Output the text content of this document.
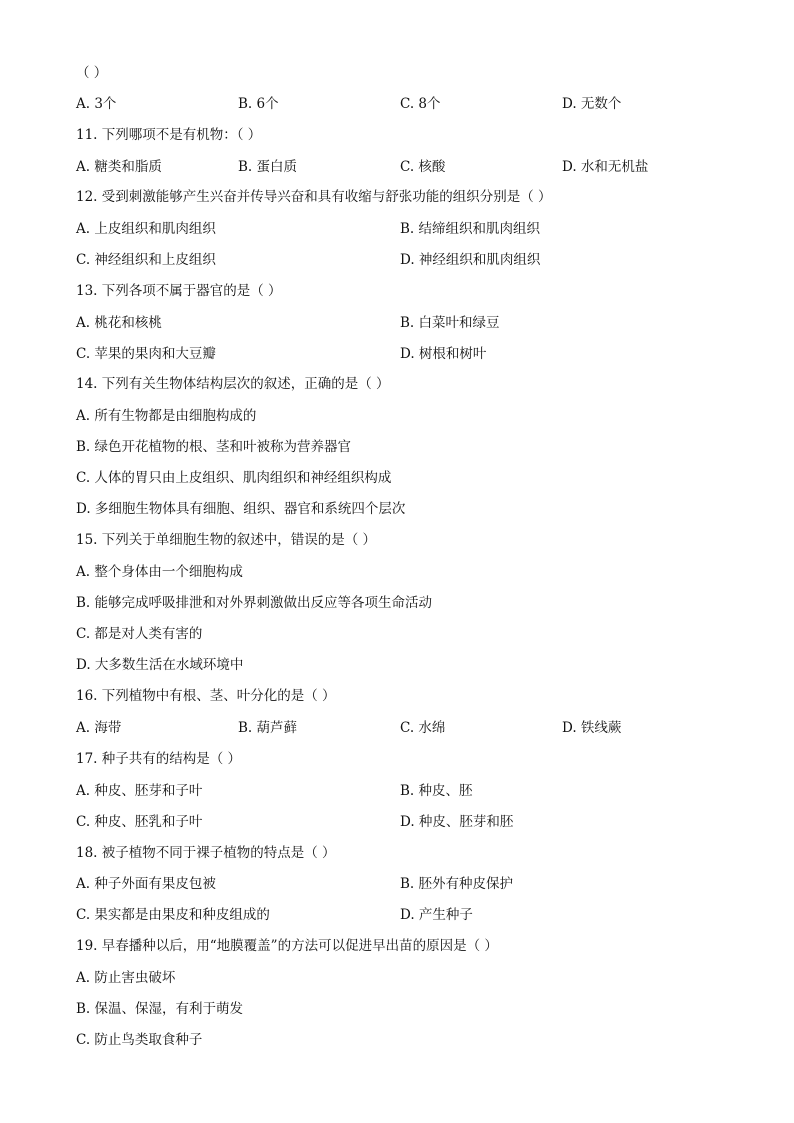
（ ）
A. 3个	B. 6个	C. 8个	D. 无数个
11. 下列哪项不是有机物：（ ）
A. 糖类和脂质	B. 蛋白质	C. 核酸	D. 水和无机盐
12. 受到刺激能够产生兴奋并传导兴奋和具有收缩与舒张功能的组织分别是（ ）
A. 上皮组织和肌肉组织	B. 结缔组织和肌肉组织
C. 神经组织和上皮组织	D. 神经组织和肌肉组织
13. 下列各项不属于器官的是（ ）
A. 桃花和核桃	B. 白菜叶和绿豆
C. 苹果的果肉和大豆瓣	D. 树根和树叶
14. 下列有关生物体结构层次的叙述，正确的是（ ）
A. 所有生物都是由细胞构成的
B. 绿色开花植物的根、茎和叶被称为营养器官
C. 人体的胃只由上皮组织、肌肉组织和神经组织构成
D. 多细胞生物体具有细胞、组织、器官和系统四个层次
15. 下列关于单细胞生物的叙述中，错误的是（ ）
A. 整个身体由一个细胞构成
B. 能够完成呼吸排泄和对外界刺激做出反应等各项生命活动
C. 都是对人类有害的
D. 大多数生活在水域环境中
16. 下列植物中有根、茎、叶分化的是（ ）
A. 海带	B. 葫芦藓	C. 水绵	D. 铁线蕨
17. 种子共有的结构是（ ）
A. 种皮、胚芽和子叶	B. 种皮、胚
C. 种皮、胚乳和子叶	D. 种皮、胚芽和胚
18. 被子植物不同于裸子植物的特点是（ ）
A. 种子外面有果皮包被	B. 胚外有种皮保护
C. 果实都是由果皮和种皮组成的	D. 产生种子
19. 早春播种以后，用“地膜覆盖”的方法可以促进早出苗的原因是（ ）
A. 防止害虫破坏
B. 保温、保湿，有利于萌发
C. 防止鸟类取食种子
